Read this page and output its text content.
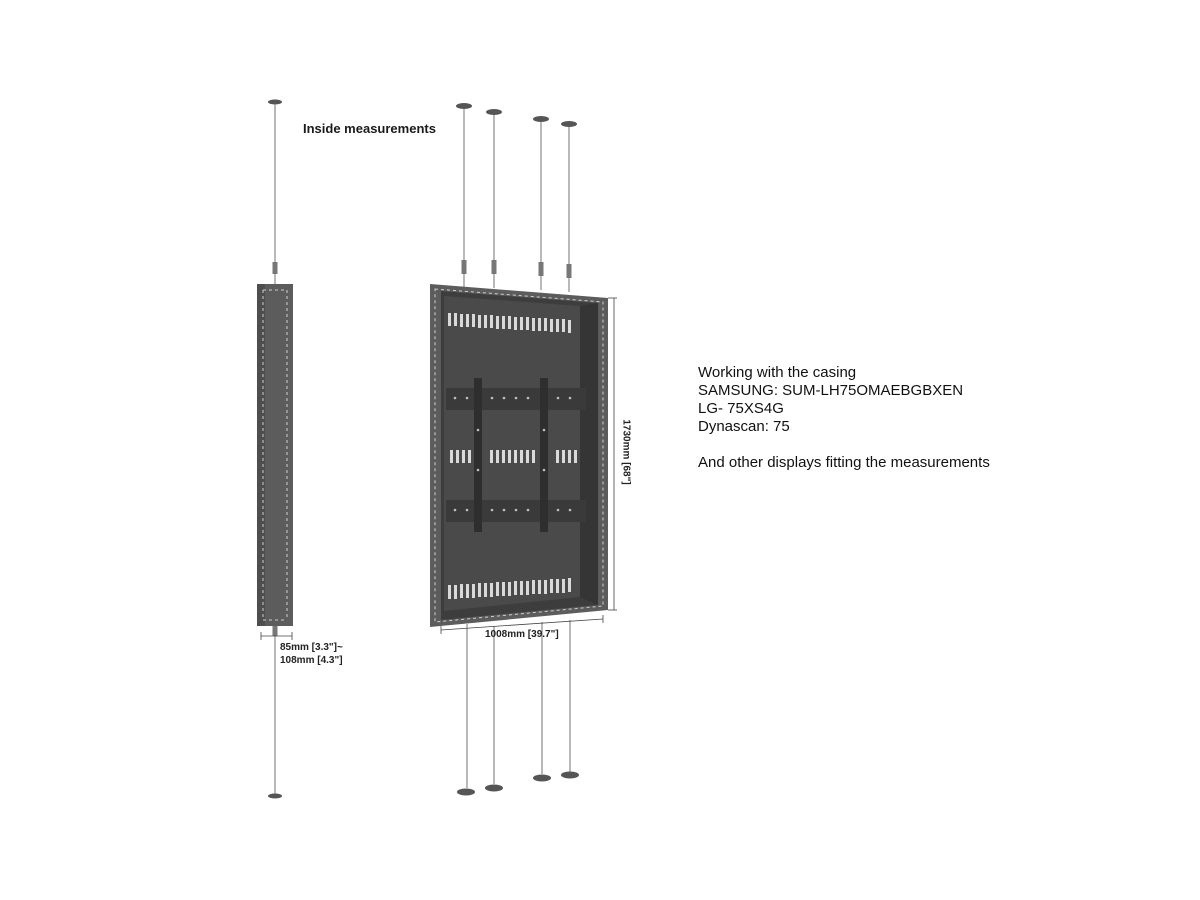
Inside measurements
85mm [3.3"]~
108mm [4.3"]
1008mm [39.7"]
1730mm [68"]
Working with the casing
SAMSUNG: SUM-LH75OMAEBGBXEN
LG- 75XS4G
Dynascan: 75
And other displays fitting the measurements
